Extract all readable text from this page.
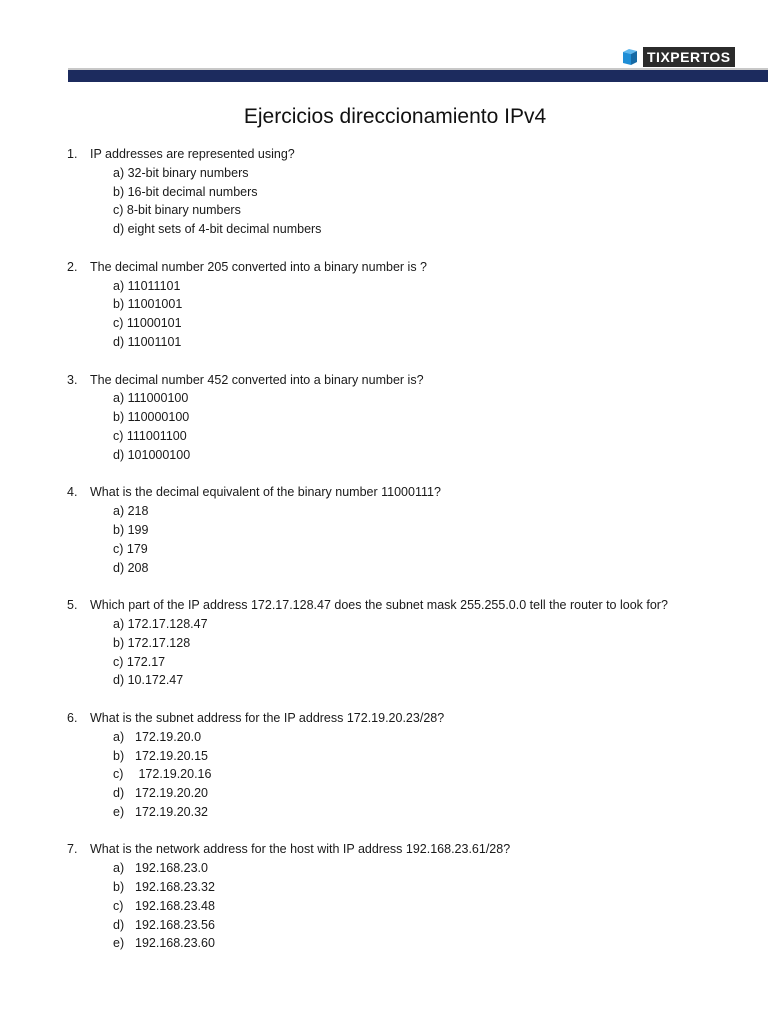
TIXPERTOS
Ejercicios direccionamiento IPv4
1.	IP addresses are represented using?
a) 32-bit binary numbers
b) 16-bit decimal numbers
c) 8-bit binary numbers
d) eight sets of 4-bit decimal numbers
2.	The decimal number 205 converted into a binary number is ?
a) 11011101
b) 11001001
c) 11000101
d) 11001101
3.	The decimal number 452 converted into a binary number is?
a) 111000100
b) 110000100
c) 111001100
d) 101000100
4.	What is the decimal equivalent of the binary number 11000111?
a) 218
b) 199
c) 179
d) 208
5.	Which part of the IP address 172.17.128.47 does the subnet mask 255.255.0.0 tell the router to look for?
a) 172.17.128.47
b) 172.17.128
c) 172.17
d) 10.172.47
6.	What is the subnet address for the IP address 172.19.20.23/28?
a) 172.19.20.0
b) 172.19.20.15
c) 172.19.20.16
d) 172.19.20.20
e) 172.19.20.32
7.	What is the network address for the host with IP address 192.168.23.61/28?
a) 192.168.23.0
b) 192.168.23.32
c) 192.168.23.48
d) 192.168.23.56
e) 192.168.23.60
